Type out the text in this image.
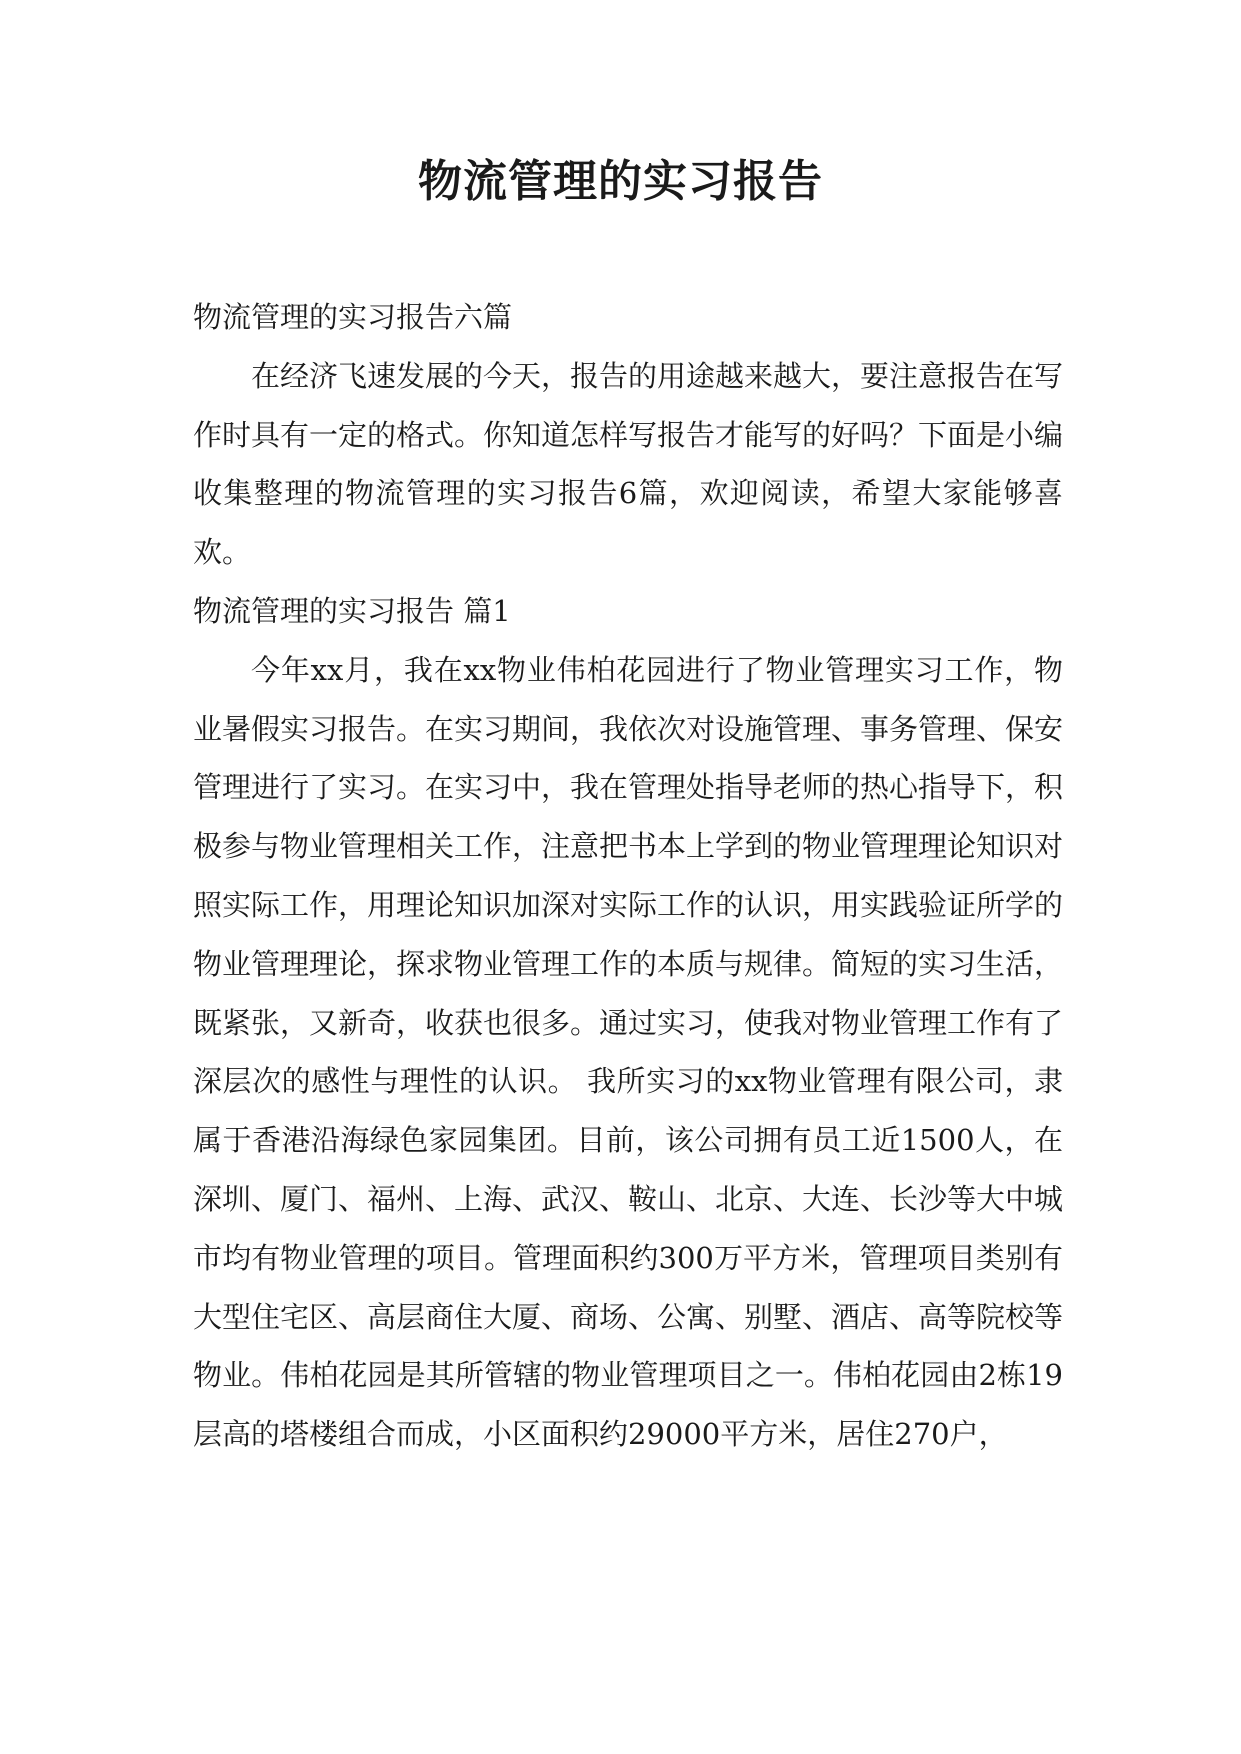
物流管理的实习报告

物流管理的实习报告六篇

在经济飞速发展的今天，报告的用途越来越大，要注意报告在写作时具有一定的格式。你知道怎样写报告才能写的好吗？下面是小编收集整理的物流管理的实习报告6篇，欢迎阅读，希望大家能够喜欢。

物流管理的实习报告 篇1

今年xx月，我在xx物业伟柏花园进行了物业管理实习工作，物业暑假实习报告。在实习期间，我依次对设施管理、事务管理、保安管理进行了实习。在实习中，我在管理处指导老师的热心指导下，积极参与物业管理相关工作，注意把书本上学到的物业管理理论知识对照实际工作，用理论知识加深对实际工作的认识，用实践验证所学的物业管理理论，探求物业管理工作的本质与规律。简短的实习生活，既紧张，又新奇，收获也很多。通过实习，使我对物业管理工作有了深层次的感性与理性的认识。 我所实习的xx物业管理有限公司，隶属于香港沿海绿色家园集团。目前，该公司拥有员工近1500人，在深圳、厦门、福州、上海、武汉、鞍山、北京、大连、长沙等大中城市均有物业管理的项目。管理面积约300万平方米，管理项目类别有大型住宅区、高层商住大厦、商场、公寓、别墅、酒店、高等院校等物业。伟柏花园是其所管辖的物业管理项目之一。伟柏花园由2栋19层高的塔楼组合而成，小区面积约29000平方米，居住270户，
